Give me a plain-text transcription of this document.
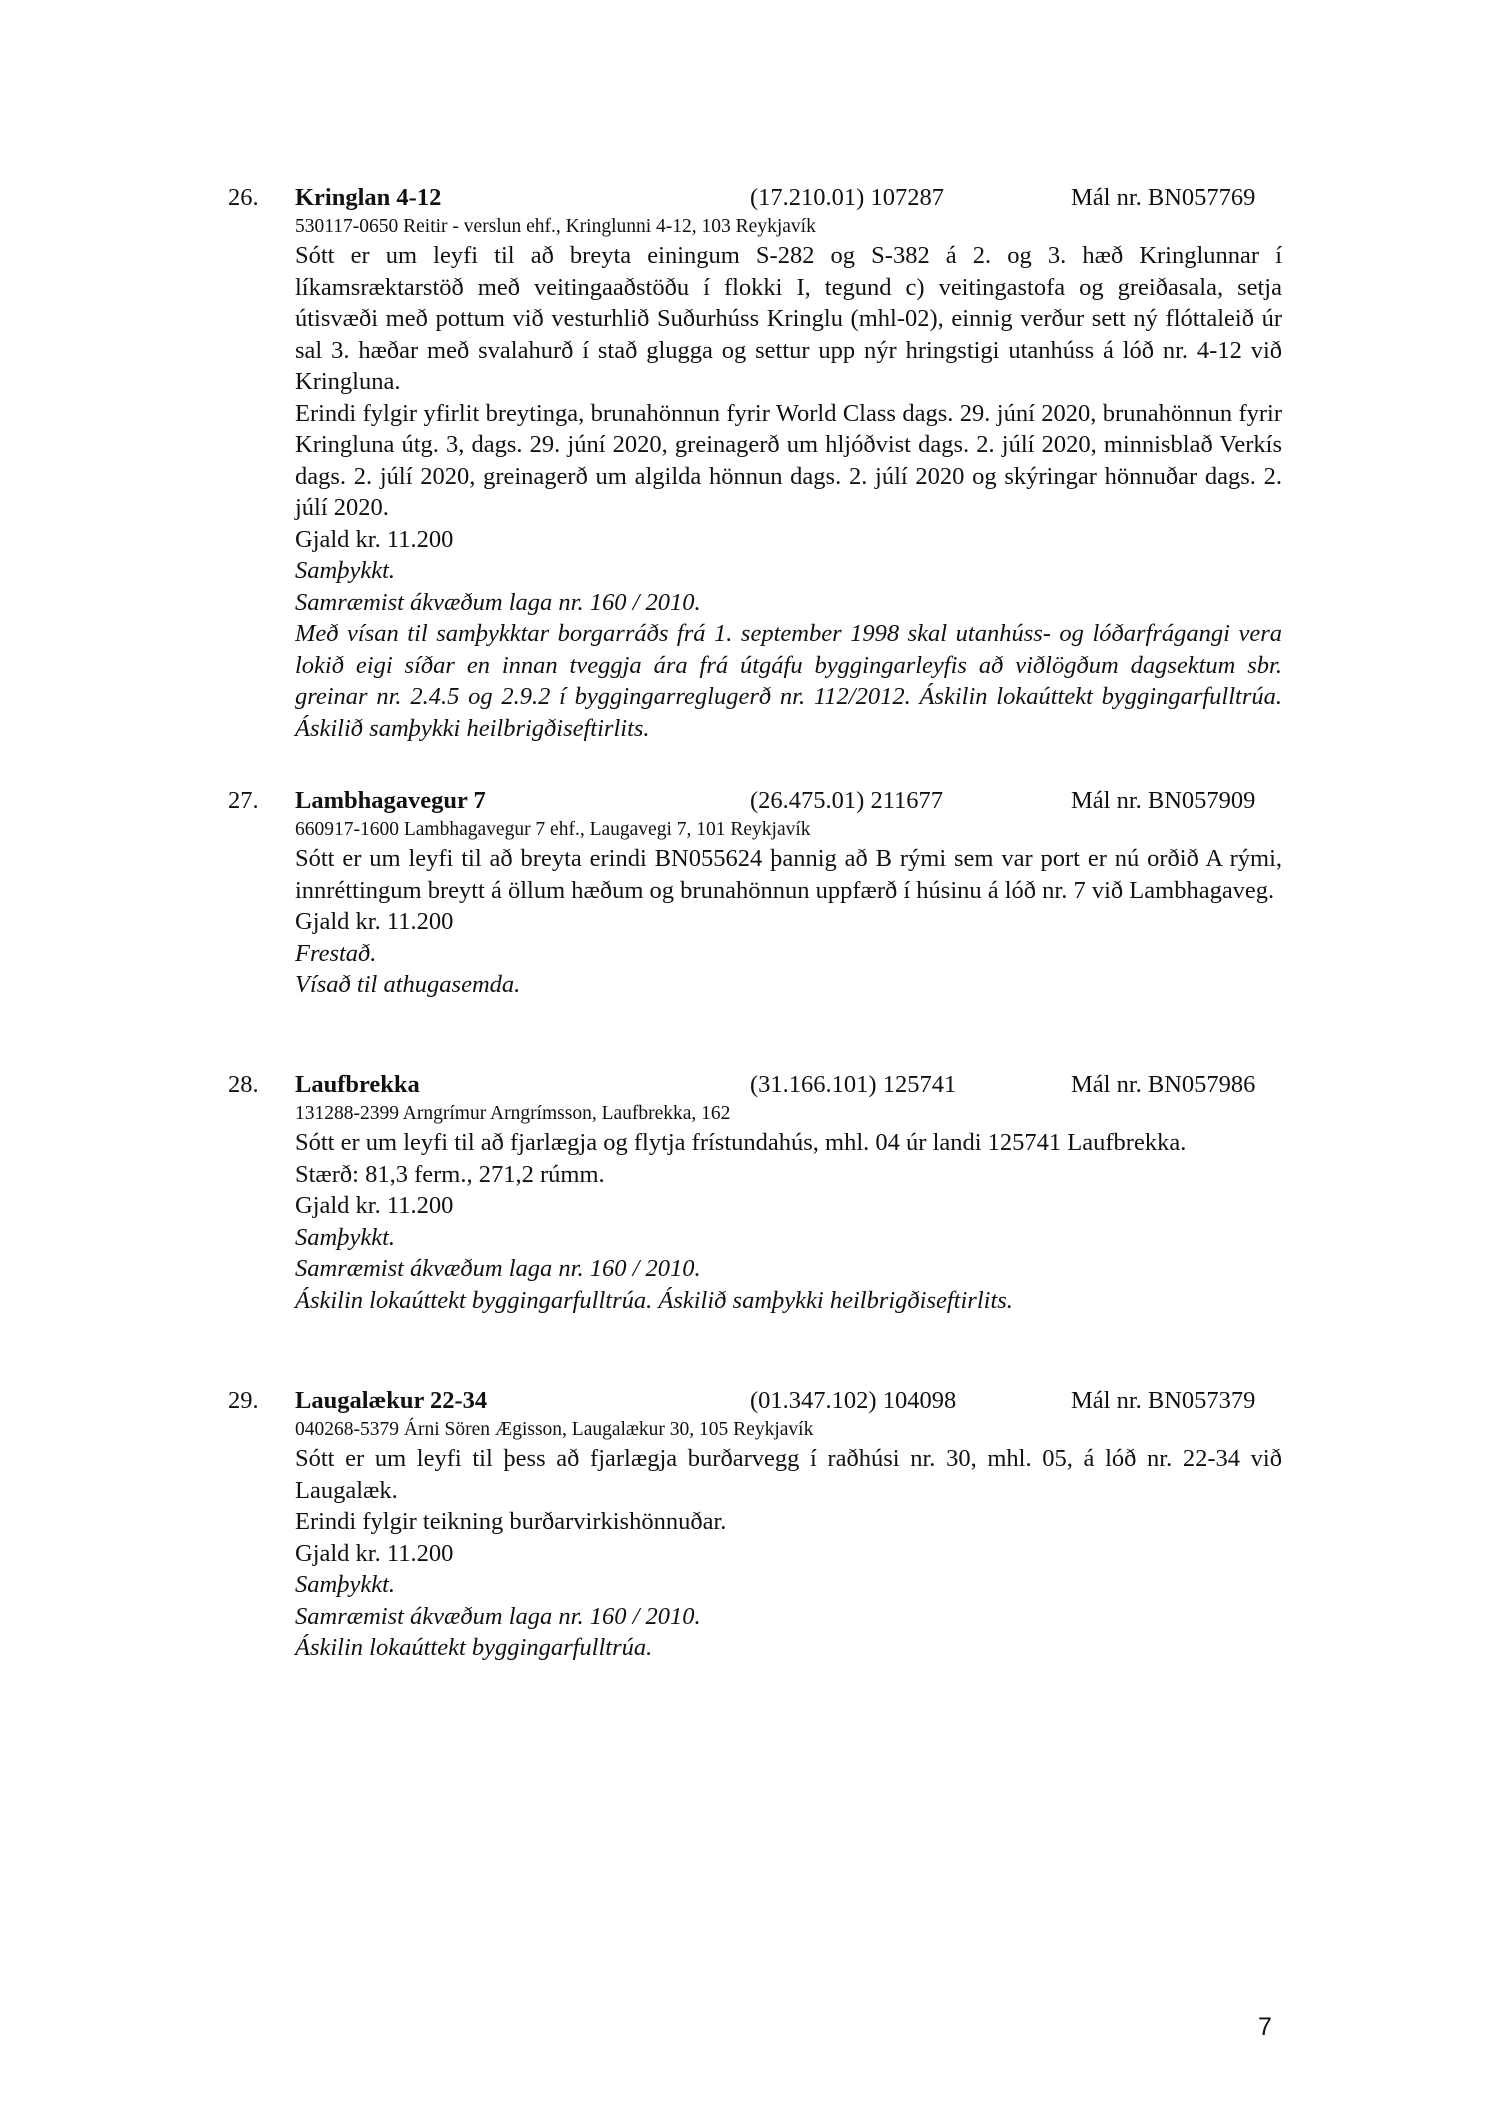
26. Kringlan 4-12	(17.210.01) 107287	Mál nr. BN057769
530117-0650 Reitir - verslun ehf., Kringlunni 4-12, 103 Reykjavík

Sótt er um leyfi til að breyta einingum S-282 og S-382 á 2. og 3. hæð Kringlunnar í líkamsræktarstöð með veitingaaðstöðu í flokki I, tegund c) veitingastofa og greiðasala, setja útisvæði með pottum við vesturhlið Suðurhúss Kringlu (mhl-02), einnig verður sett ný flóttaleið úr sal 3. hæðar með svalahurð í stað glugga og settur upp nýr hringstigi utanhúss á lóð nr. 4-12 við Kringluna.

Erindi fylgir yfirlit breytinga, brunahönnun fyrir World Class dags. 29. júní 2020, brunahönnun fyrir Kringluna útg. 3, dags. 29. júní 2020, greinagerð um hljóðvist dags. 2. júlí 2020, minnisblað Verkís dags. 2. júlí 2020, greinagerð um algilda hönnun dags. 2. júlí 2020 og skýringar hönnuðar dags. 2. júlí 2020.

Gjald kr. 11.200
Samþykkt.
Samræmist ákvæðum laga nr. 160 / 2010.

Með vísan til samþykktar borgarráðs frá 1. september 1998 skal utanhúss- og lóðarfrágangi vera lokið eigi síðar en innan tveggja ára frá útgáfu byggingarleyfis að viðlögðum dagsektum sbr. greinar nr. 2.4.5 og 2.9.2 í byggingarreglugerð nr. 112/2012. Áskilin lokaúttekt byggingarfulltrúa. Áskilið samþykki heilbrigðiseftirlits.

27. Lambhagavegur 7	(26.475.01) 211677	Mál nr. BN057909
660917-1600 Lambhagavegur 7 ehf., Laugavegi 7, 101 Reykjavík

Sótt er um leyfi til að breyta erindi BN055624 þannig að B rými sem var port er nú orðið A rými, innréttingum breytt á öllum hæðum og brunahönnun uppfærð í húsinu á lóð nr. 7 við Lambhagaveg.

Gjald kr. 11.200
Frestað.
Vísað til athugasemda.
28. Laufbrekka	(31.166.101) 125741	Mál nr. BN057986
131288-2399 Arngrímur Arngrímsson, Laufbrekka, 162

Sótt er um leyfi til að fjarlægja og flytja frístundahús, mhl. 04 úr landi 125741 Laufbrekka.

Stærð: 81,3 ferm., 271,2 rúmm.
Gjald kr. 11.200
Samþykkt.
Samræmist ákvæðum laga nr. 160 / 2010.
Áskilin lokaúttekt byggingarfulltrúa. Áskilið samþykki heilbrigðiseftirlits.
29. Laugalækur 22-34	(01.347.102) 104098	Mál nr. BN057379
040268-5379 Árni Sören Ægisson, Laugalækur 30, 105 Reykjavík

Sótt er um leyfi til þess að fjarlægja burðarvegg í raðhúsi nr. 30, mhl. 05, á lóð nr. 22-34 við Laugalæk.

Erindi fylgir teikning burðarvirkishönnuðar.
Gjald kr. 11.200
Samþykkt.
Samræmist ákvæðum laga nr. 160 / 2010.
Áskilin lokaúttekt byggingarfulltrúa.
7
